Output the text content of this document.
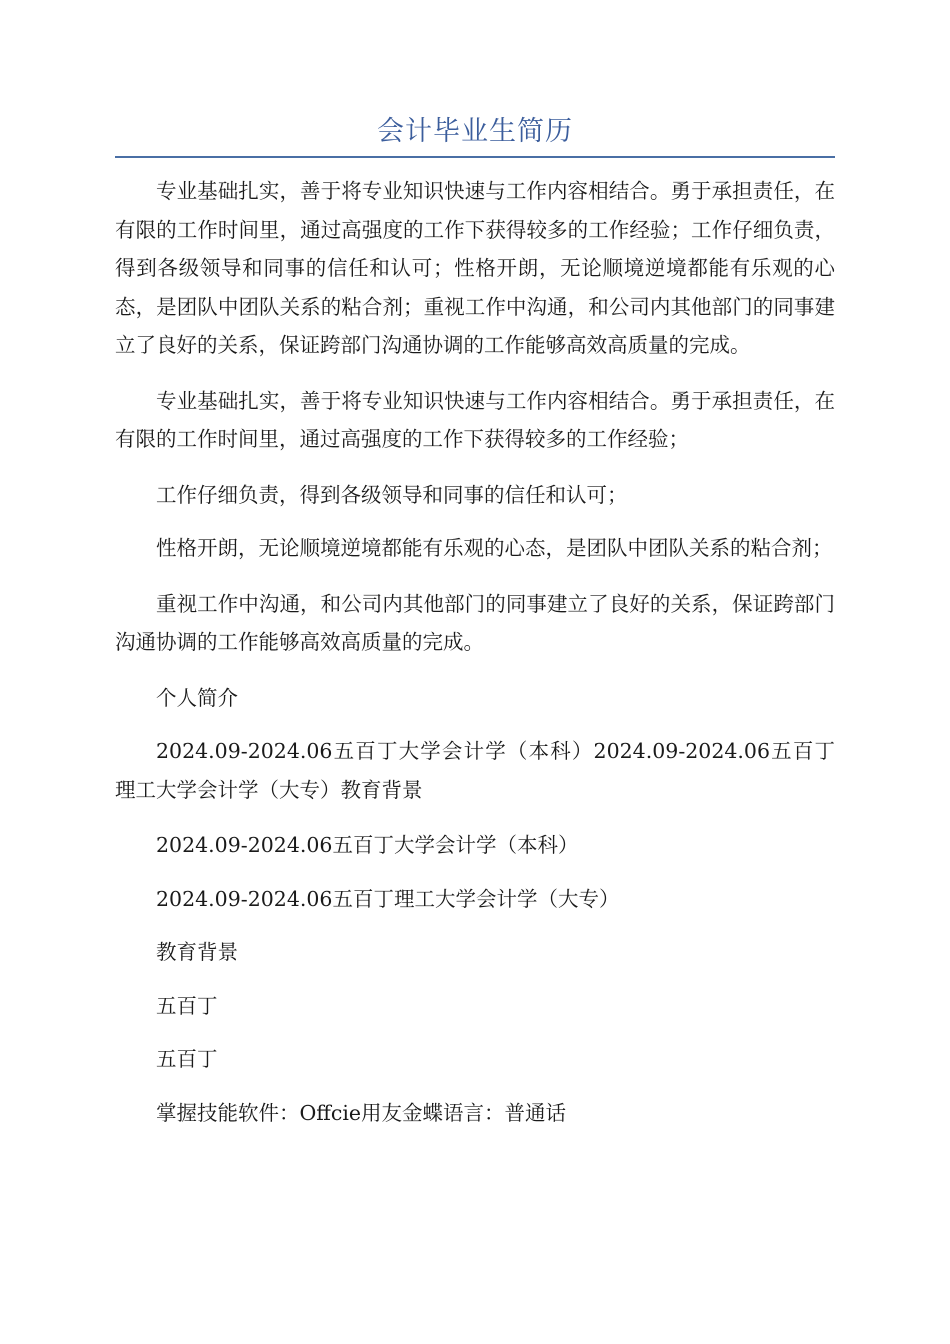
会计毕业生简历

专业基础扎实，善于将专业知识快速与工作内容相结合。勇于承担责任，在有限的工作时间里，通过高强度的工作下获得较多的工作经验；工作仔细负责，得到各级领导和同事的信任和认可；性格开朗，无论顺境逆境都能有乐观的心态，是团队中团队关系的粘合剂；重视工作中沟通，和公司内其他部门的同事建立了良好的关系，保证跨部门沟通协调的工作能够高效高质量的完成。

专业基础扎实，善于将专业知识快速与工作内容相结合。勇于承担责任，在有限的工作时间里，通过高强度的工作下获得较多的工作经验；

工作仔细负责，得到各级领导和同事的信任和认可；

性格开朗，无论顺境逆境都能有乐观的心态，是团队中团队关系的粘合剂；

重视工作中沟通，和公司内其他部门的同事建立了良好的关系，保证跨部门沟通协调的工作能够高效高质量的完成。

个人简介

2024.09-2024.06五百丁大学会计学（本科）2024.09-2024.06五百丁理工大学会计学（大专）教育背景

2024.09-2024.06五百丁大学会计学（本科）

2024.09-2024.06五百丁理工大学会计学（大专）

教育背景

五百丁

五百丁

掌握技能软件：Offcie用友金蝶语言：普通话
